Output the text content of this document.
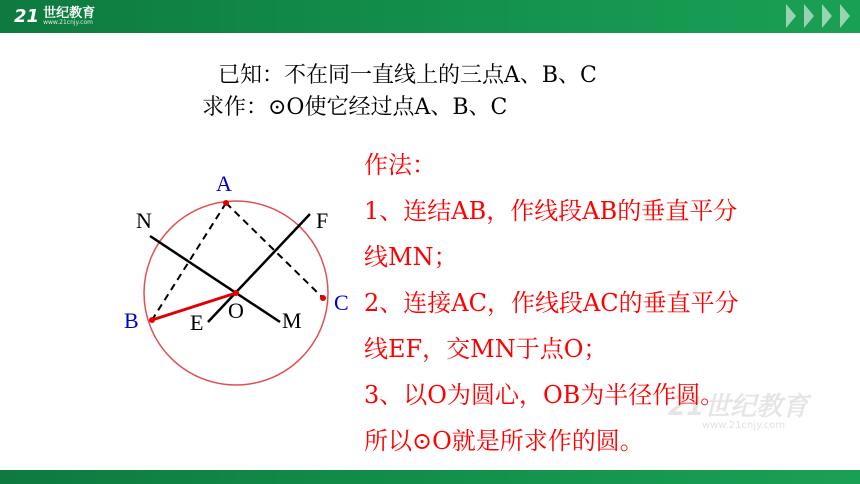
21 世纪教育
www.21cnjy.com
已知：不在同一直线上的三点A、B、C
求作：⊙O使它经过点A、B、C
21世纪教育
www.21cnjy.com
A
B
C
O
N
M
E
F
作法：
1、连结AB，作线段AB的垂直平分
线MN；
2、连接AC，作线段AC的垂直平分
线EF，交MN于点O；
3、以O为圆心，OB为半径作圆。
所以⊙O就是所求作的圆。
